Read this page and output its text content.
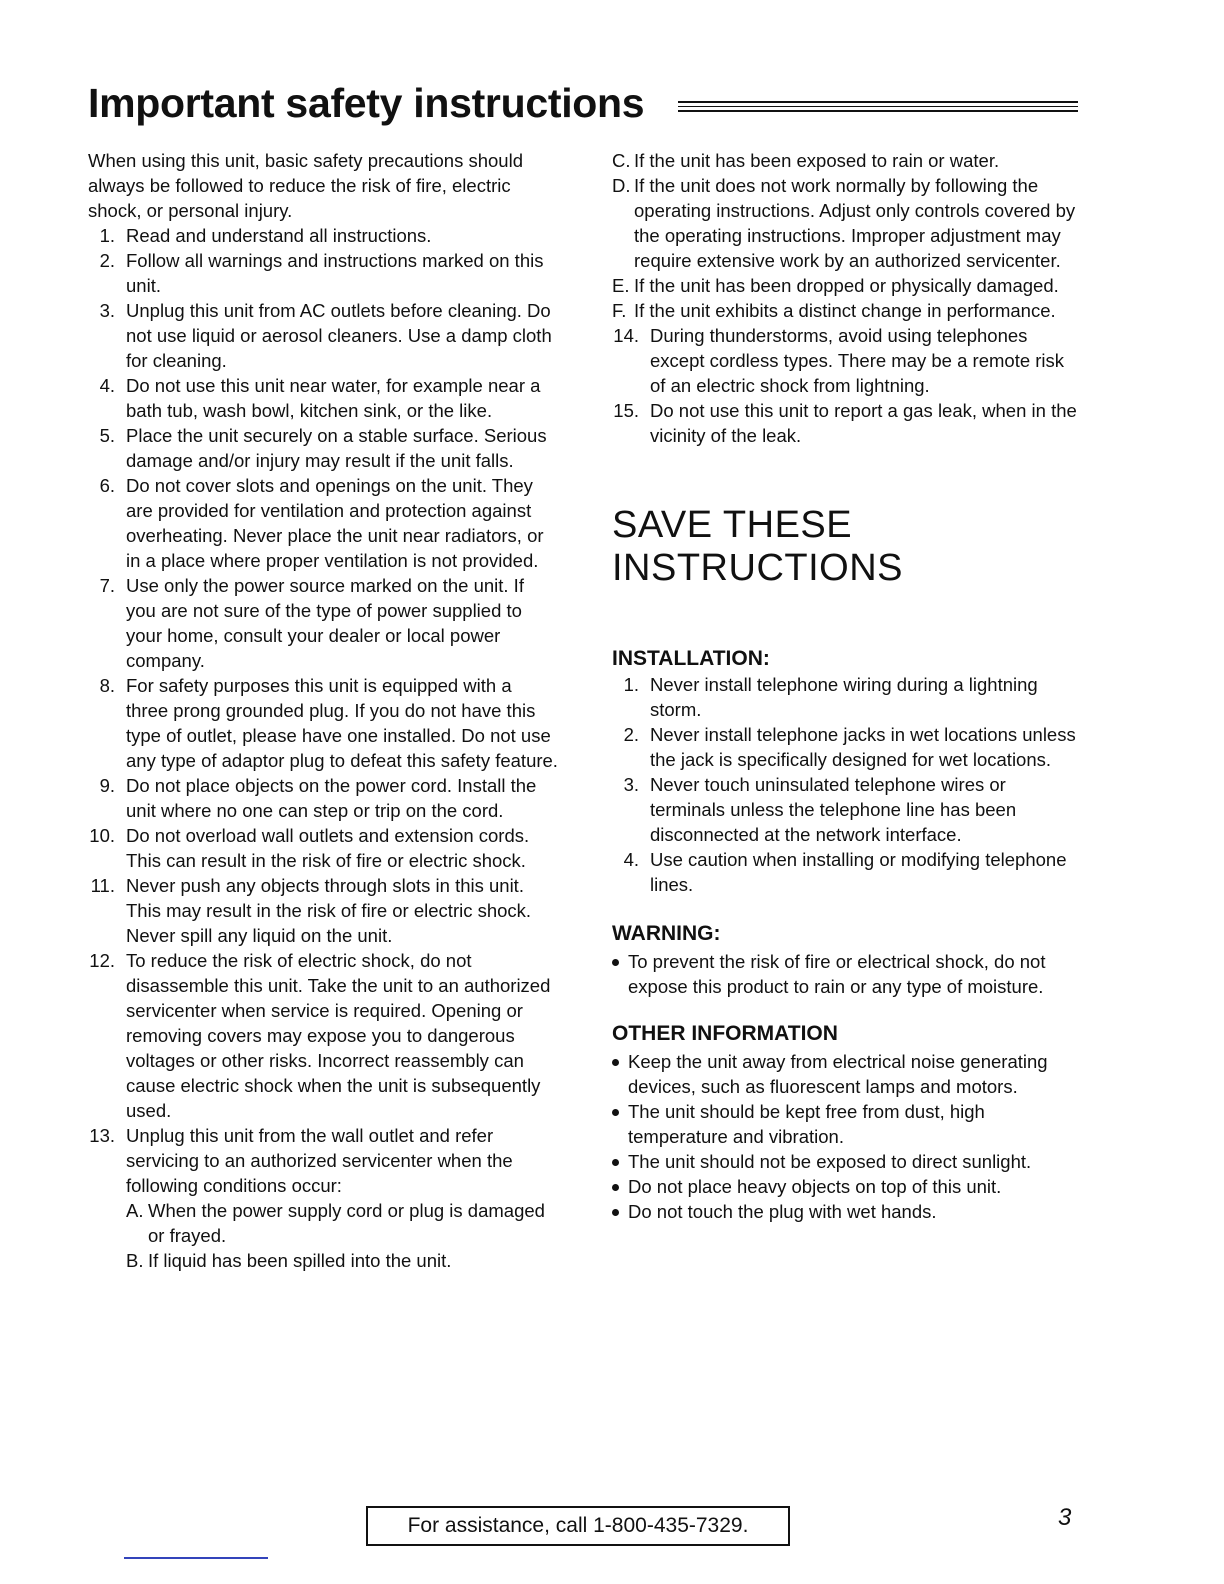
Important safety instructions

When using this unit, basic safety precautions should always be followed to reduce the risk of fire, electric shock, or personal injury.

1. Read and understand all instructions.
2. Follow all warnings and instructions marked on this unit.
3. Unplug this unit from AC outlets before cleaning. Do not use liquid or aerosol cleaners. Use a damp cloth for cleaning.
4. Do not use this unit near water, for example near a bath tub, wash bowl, kitchen sink, or the like.
5. Place the unit securely on a stable surface. Serious damage and/or injury may result if the unit falls.
6. Do not cover slots and openings on the unit. They are provided for ventilation and protection against overheating. Never place the unit near radiators, or in a place where proper ventilation is not provided.
7. Use only the power source marked on the unit. If you are not sure of the type of power supplied to your home, consult your dealer or local power company.
8. For safety purposes this unit is equipped with a three prong grounded plug. If you do not have this type of outlet, please have one installed. Do not use any type of adaptor plug to defeat this safety feature.
9. Do not place objects on the power cord. Install the unit where no one can step or trip on the cord.
10. Do not overload wall outlets and extension cords. This can result in the risk of fire or electric shock.
11. Never push any objects through slots in this unit. This may result in the risk of fire or electric shock. Never spill any liquid on the unit.
12. To reduce the risk of electric shock, do not disassemble this unit. Take the unit to an authorized servicenter when service is required. Opening or removing covers may expose you to dangerous voltages or other risks. Incorrect reassembly can cause electric shock when the unit is subsequently used.
13. Unplug this unit from the wall outlet and refer servicing to an authorized servicenter when the following conditions occur:
A. When the power supply cord or plug is damaged or frayed.
B. If liquid has been spilled into the unit.
C. If the unit has been exposed to rain or water.
D. If the unit does not work normally by following the operating instructions. Adjust only controls covered by the operating instructions. Improper adjustment may require extensive work by an authorized servicenter.
E. If the unit has been dropped or physically damaged.
F. If the unit exhibits a distinct change in performance.
14. During thunderstorms, avoid using telephones except cordless types. There may be a remote risk of an electric shock from lightning.
15. Do not use this unit to report a gas leak, when in the vicinity of the leak.
SAVE THESE
INSTRUCTIONS
INSTALLATION:
1. Never install telephone wiring during a lightning storm.
2. Never install telephone jacks in wet locations unless the jack is specifically designed for wet locations.
3. Never touch uninsulated telephone wires or terminals unless the telephone line has been disconnected at the network interface.
4. Use caution when installing or modifying telephone lines.
WARNING:
To prevent the risk of fire or electrical shock, do not expose this product to rain or any type of moisture.
OTHER INFORMATION
Keep the unit away from electrical noise generating devices, such as fluorescent lamps and motors.
The unit should be kept free from dust, high temperature and vibration.
The unit should not be exposed to direct sunlight.
Do not place heavy objects on top of this unit.
Do not touch the plug with wet hands.
For assistance, call 1-800-435-7329.	3
